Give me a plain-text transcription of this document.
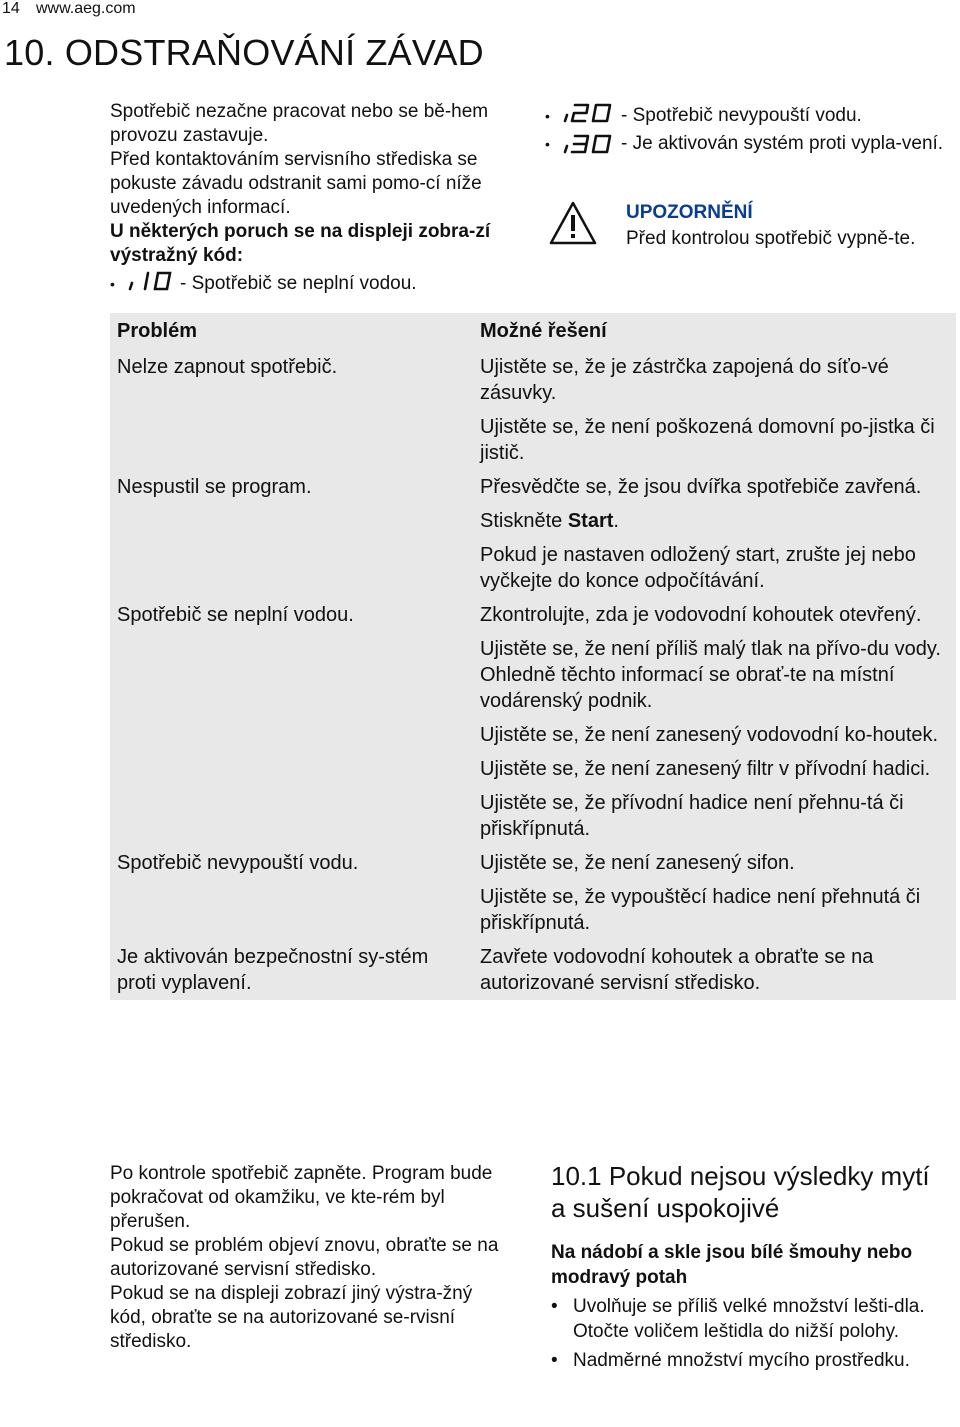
14 www.aeg.com
10. ODSTRAŇOVÁNÍ ZÁVAD

Spotřebič nezačne pracovat nebo se bě-hem provozu zastavuje.

Před kontaktováním servisního střediska se pokuste závadu odstranit sami pomo-cí níže uvedených informací.

U některých poruch se na displeji zobra-zí výstražný kód:

•	- Spotřebič se neplní vodou.
•	- Spotřebič nevypouští vodu.
•	- Je aktivován systém proti vypla-vení.
UPOZORNĚNÍ
Před kontrolou spotřebič vypně-te.
Problém	Možné řešení
Nelze zapnout spotřebič.	Ujistěte se, že je zástrčka zapojená do síťo-vé zásuvky.
	Ujistěte se, že není poškozená domovní po-jistka či jistič.
Nespustil se program.	Přesvědčte se, že jsou dvířka spotřebiče zavřená.
	Stiskněte Start.
	Pokud je nastaven odložený start, zrušte jej nebo vyčkejte do konce odpočítávání.
Spotřebič se neplní vodou.	Zkontrolujte, zda je vodovodní kohoutek otevřený.
	Ujistěte se, že není příliš malý tlak na přívo-du vody. Ohledně těchto informací se obrať-te na místní vodárenský podnik.
	Ujistěte se, že není zanesený vodovodní ko-houtek.
	Ujistěte se, že není zanesený filtr v přívodní hadici.
	Ujistěte se, že přívodní hadice není přehnu-tá či přiskřípnutá.
Spotřebič nevypouští vodu.	Ujistěte se, že není zanesený sifon.
	Ujistěte se, že vypouštěcí hadice není přehnutá či přiskřípnutá.
Je aktivován bezpečnostní sy-stém proti vyplavení.	Zavřete vodovodní kohoutek a obraťte se na autorizované servisní středisko.

Po kontrole spotřebič zapněte. Program bude pokračovat od okamžiku, ve kte-rém byl přerušen.

Pokud se problém objeví znovu, obraťte se na autorizované servisní středisko.

Pokud se na displeji zobrazí jiný výstra-žný kód, obraťte se na autorizované se-rvisní středisko.

10.1 Pokud nejsou výsledky mytí a sušení uspokojivé
Na nádobí a skle jsou bílé šmouhy nebo modravý potah
• Uvolňuje se příliš velké množství lešti-dla. Otočte voličem leštidla do nižší polohy.
• Nadměrné množství mycího prostředku.
